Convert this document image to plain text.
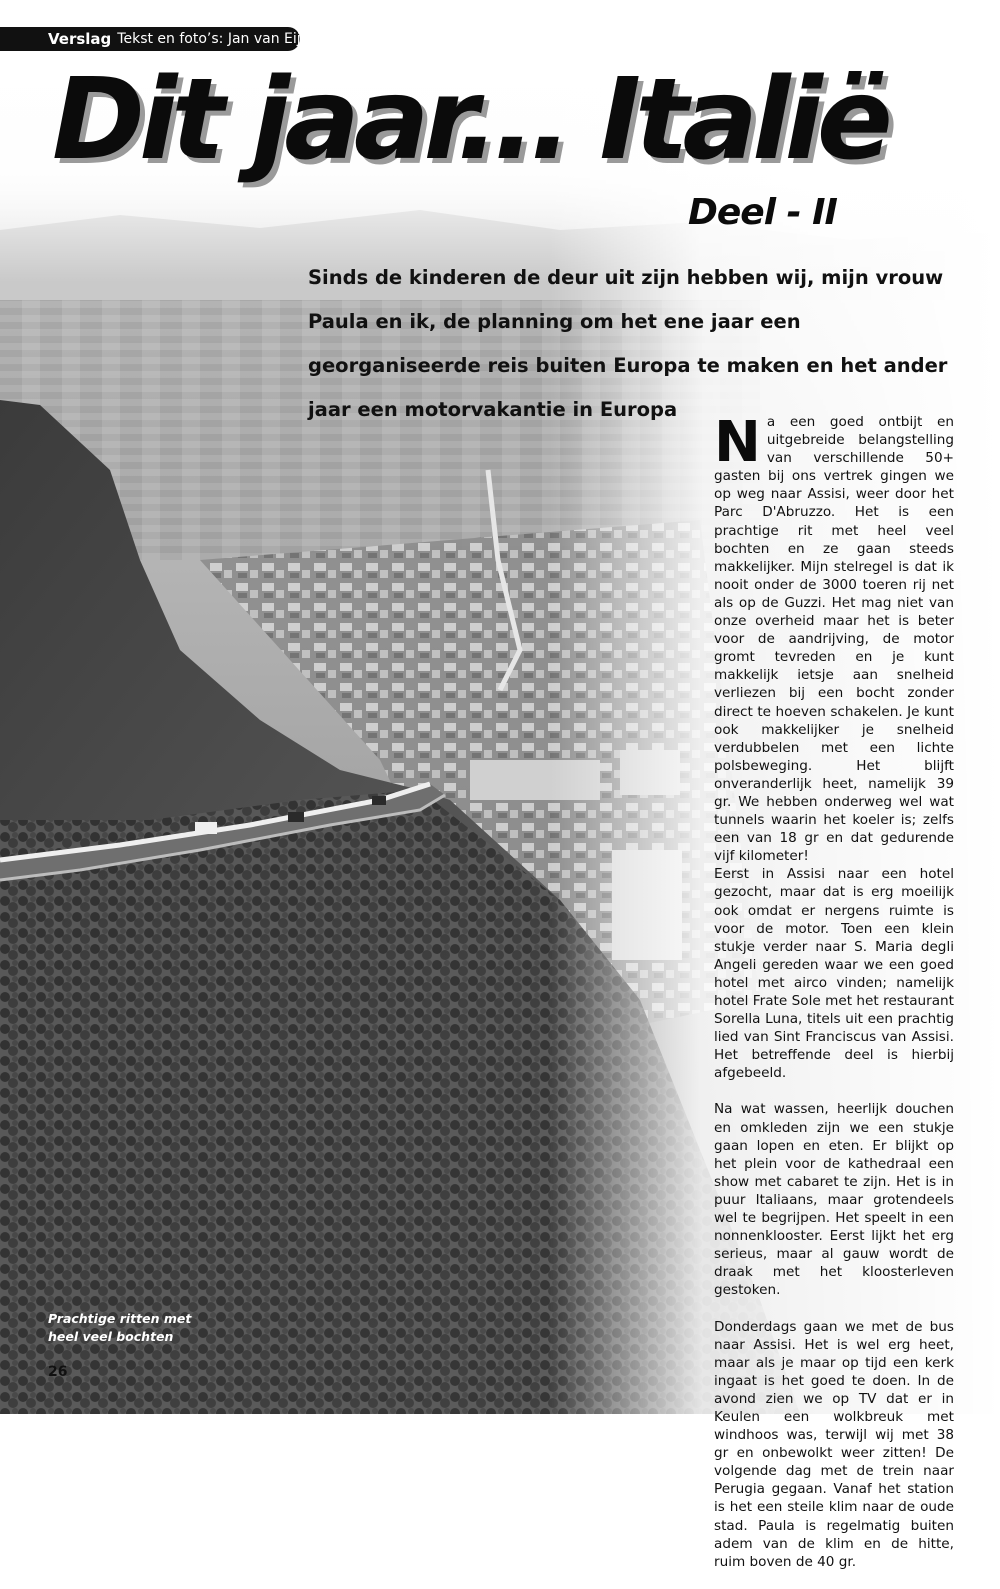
Verslag Tekst en foto’s: Jan van Eijk
Dit jaar... Italië
Deel - II

Sinds de kinderen de deur uit zijn hebben wij, mijn vrouw Paula en ik, de planning om het ene jaar een georganiseerde reis buiten Europa te maken en het ander jaar een motorvakantie in Europa

Na een goed ontbijt en uitgebreide belangstelling van verschillende 50+ gasten bij ons vertrek gingen we op weg naar Assisi, weer door het Parc D'Abruzzo. Het is een prachtige rit met heel veel bochten en ze gaan steeds makkelijker. Mijn stelregel is dat ik nooit onder de 3000 toeren rij net als op de Guzzi. Het mag niet van onze overheid maar het is beter voor de aandrijving, de motor gromt tevreden en je kunt makkelijk ietsje aan snelheid verliezen bij een bocht zonder direct te hoeven schakelen. Je kunt ook makkelijker je snelheid verdubbelen met een lichte polsbeweging. Het blijft onveranderlijk heet, namelijk 39 gr. We hebben onderweg wel wat tunnels waarin het koeler is; zelfs een van 18 gr en dat gedurende vijf kilometer!

Eerst in Assisi naar een hotel gezocht, maar dat is erg moeilijk ook omdat er nergens ruimte is voor de motor. Toen een klein stukje verder naar S. Maria degli Angeli gereden waar we een goed hotel met airco vinden; namelijk hotel Frate Sole met het restaurant Sorella Luna, titels uit een prachtig lied van Sint Franciscus van Assisi. Het betreffende deel is hierbij afgebeeld.

Na wat wassen, heerlijk douchen en omkleden zijn we een stukje gaan lopen en eten. Er blijkt op het plein voor de kathedraal een show met cabaret te zijn. Het is in puur Italiaans, maar grotendeels wel te begrijpen. Het speelt in een nonnenklooster. Eerst lijkt het erg serieus, maar al gauw wordt de draak met het kloosterleven gestoken.

Donderdags gaan we met de bus naar Assisi. Het is wel erg heet, maar als je maar op tijd een kerk ingaat is het goed te doen. In de avond zien we op TV dat er in Keulen een wolkbreuk met windhoos was, terwijl wij met 38 gr en onbewolkt weer zitten! De volgende dag met de trein naar Perugia gegaan. Vanaf het station is het een steile klim naar de oude stad. Paula is regelmatig buiten adem van de klim en de hitte, ruim boven de 40 gr.

Prachtige ritten met heel veel bochten

26
